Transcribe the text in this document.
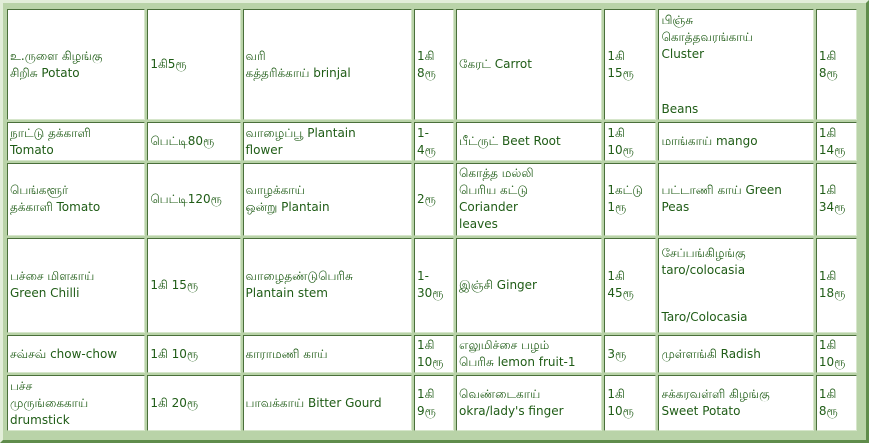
உ.ருளை கிழங்கு
சிறிசு Potato	1கி5ரூ	வரி
கத்தரிக்காய் brinjal	1கி
8ரூ	கேரட் Carrot	1கி
15ரூ	பிஞ்சு
கொத்தவரங்காய்
Cluster
Beans	1கி
8ரூ
நாட்டு தக்காளி
Tomato	பெட்டி80ரூ	வாழைப்பூ Plantain
flower	1-
4ரூ	பீட்ருட் Beet Root	1கி
10ரூ	மாங்காய் mango	1கி
14ரூ
பெங்களூர்
தக்காளி Tomato	பெட்டி120ரூ	வாழக்காய்
ஒன்று Plantain	2ரூ	கொத்த மல்லி
பெரிய கட்டு
Coriander
leaves	1கட்டு
1ரூ	பட்டாணி காய் Green
Peas	1கி
34ரூ
பச்சை மிளகாய்
Green Chilli	1கி 15ரூ	வாழைதண்டுபெரிசு
Plantain stem	1-
30ரூ	இஞ்சி Ginger	1கி
45ரூ	சேப்பங்கிழங்கு
taro/colocasia
Taro/Colocasia	1கி
18ரூ
சவ்சவ் chow-chow	1கி 10ரூ	காராமணி காய்	1கி
10ரூ	எலுமிச்சை பழம்
பெரிசு lemon fruit-1	3ரூ	முள்ளங்கி Radish	1கி
10ரூ
பச்ச
முருங்கைகாய்
drumstick	1கி 20ரூ	பாவக்காய் Bitter Gourd	1கி
9ரூ	வெண்டைகாய்
okra/lady's finger	1கி
10ரூ	சக்கரவள்ளி கிழங்கு
Sweet Potato	1கி
8ரூ
